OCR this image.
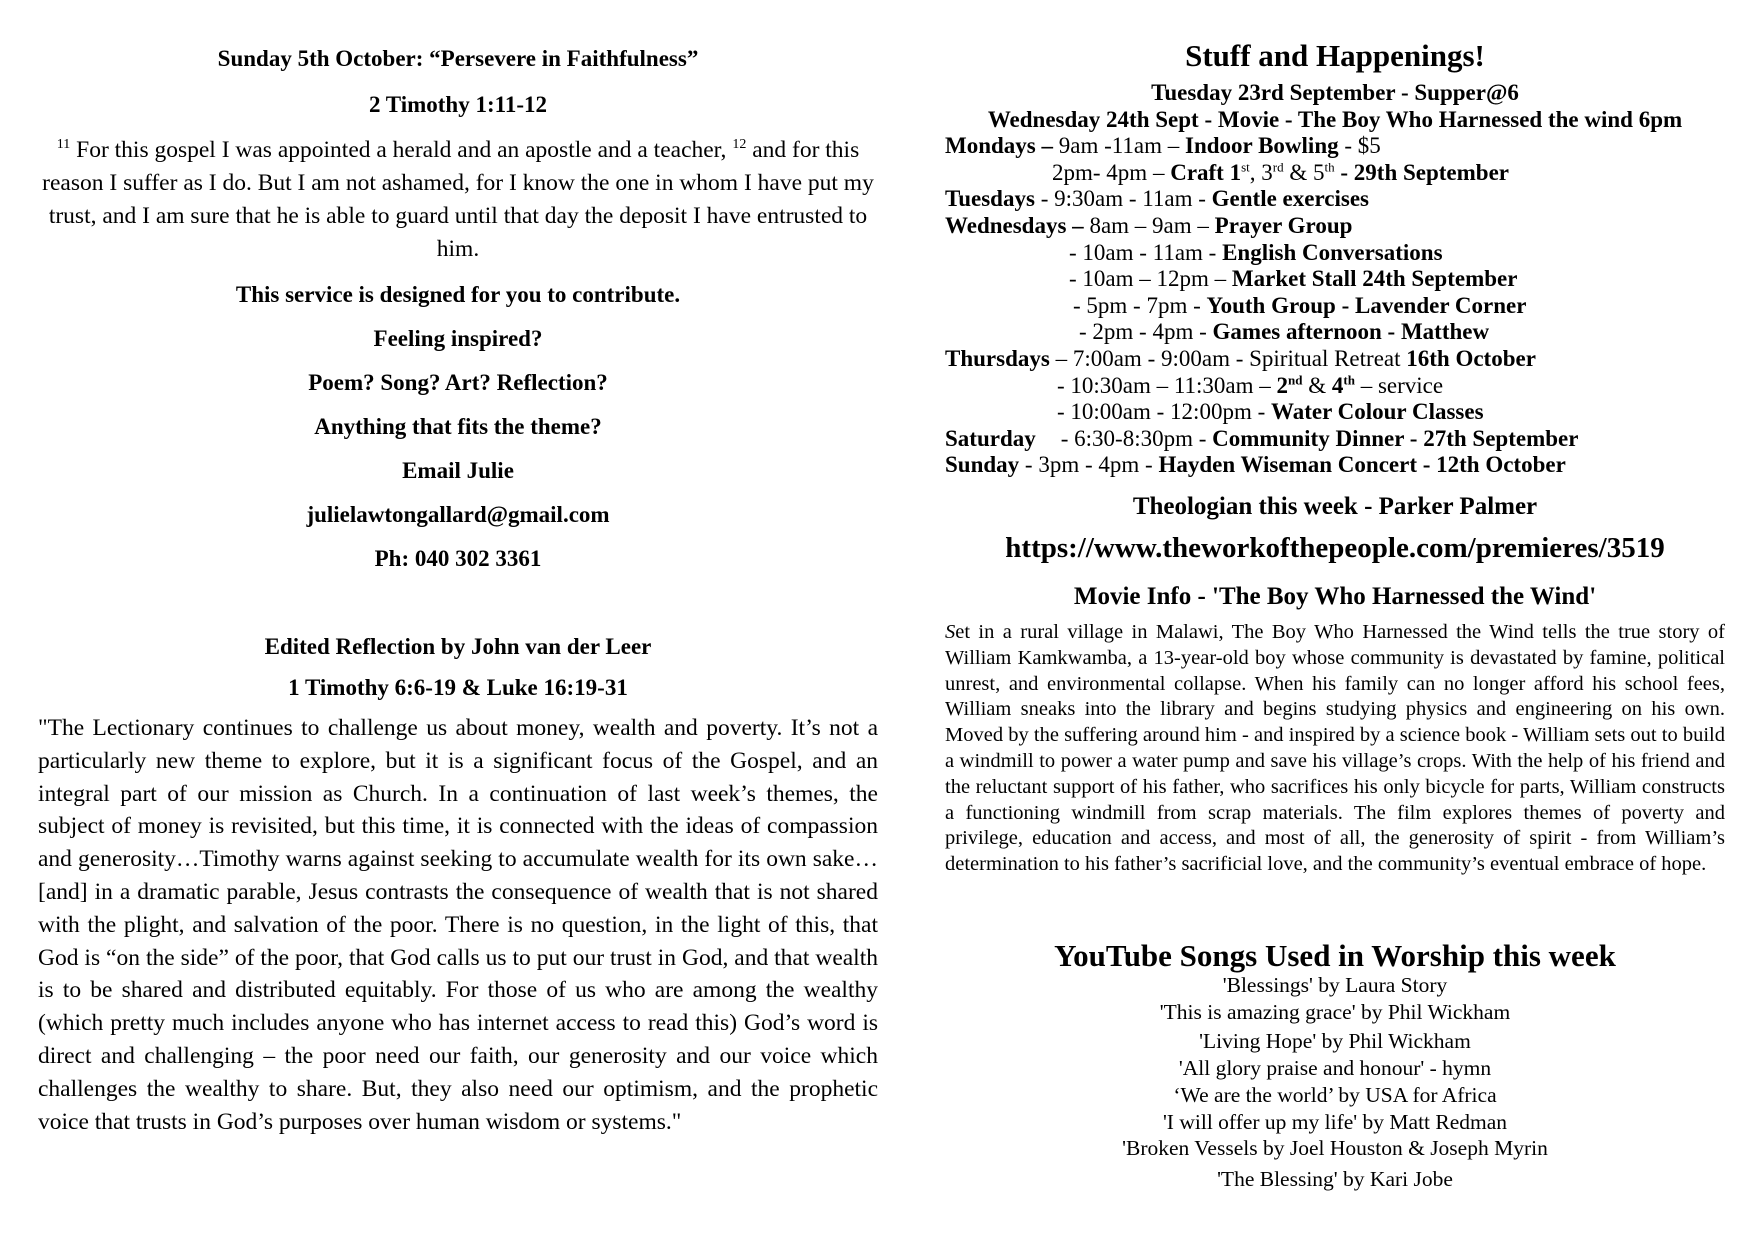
Sunday 5th October: “Persevere in Faithfulness”
2 Timothy 1:11-12
$^{11}$ For this gospel I was appointed a herald and an apostle and a teacher, $^{12}$ and for this reason I suffer as I do. But I am not ashamed, for I know the one in whom I have put my trust, and I am sure that he is able to guard until that day the deposit I have entrusted to him.
This service is designed for you to contribute.
Feeling inspired?
Poem? Song? Art? Reflection?
Anything that fits the theme?
Email Julie
julielawtongallard@gmail.com
Ph: 040 302 3361
Edited Reflection by John van der Leer
1 Timothy 6:6-19 & Luke 16:19-31
"The Lectionary continues to challenge us about money, wealth and poverty. It’s not a particularly new theme to explore, but it is a significant focus of the Gospel, and an integral part of our mission as Church. In a continuation of last week’s themes, the subject of money is revisited, but this time, it is connected with the ideas of compassion and generosity…Timothy warns against seeking to accumulate wealth for its own sake…[and] in a dramatic parable, Jesus contrasts the consequence of wealth that is not shared with the plight, and salvation of the poor. There is no question, in the light of this, that God is “on the side” of the poor, that God calls us to put our trust in God, and that wealth is to be shared and distributed equitably. For those of us who are among the wealthy (which pretty much includes anyone who has internet access to read this) God’s word is direct and challenging – the poor need our faith, our generosity and our voice which challenges the wealthy to share. But, they also need our optimism, and the prophetic voice that trusts in God’s purposes over human wisdom or systems."
Stuff and Happenings!
Tuesday 23rd September - Supper@6
Wednesday 24th Sept - Movie - The Boy Who Harnessed the wind 6pm
Mondays – 9am -11am – Indoor Bowling - $5
2pm- 4pm – Craft 1st, 3rd & 5th - 29th September
Tuesdays - 9:30am - 11am - Gentle exercises
Wednesdays – 8am – 9am – Prayer Group
- 10am - 11am - English Conversations
- 10am – 12pm – Market Stall 24th September
- 5pm - 7pm - Youth Group - Lavender Corner
- 2pm - 4pm - Games afternoon - Matthew
Thursdays – 7:00am - 9:00am - Spiritual Retreat 16th October
- 10:30am – 11:30am – 2nd & 4th – service
- 10:00am - 12:00pm - Water Colour Classes
Saturday - 6:30-8:30pm - Community Dinner - 27th September
Sunday - 3pm - 4pm - Hayden Wiseman Concert - 12th October
Theologian this week - Parker Palmer
https://www.theworkofthepeople.com/premieres/3519
Movie Info - 'The Boy Who Harnessed the Wind'
Set in a rural village in Malawi, The Boy Who Harnessed the Wind tells the true story of William Kamkwamba, a 13-year-old boy whose community is devastated by famine, political unrest, and environmental collapse. When his family can no longer afford his school fees, William sneaks into the library and begins studying physics and engineering on his own. Moved by the suffering around him - and inspired by a science book - William sets out to build a windmill to power a water pump and save his village’s crops. With the help of his friend and the reluctant support of his father, who sacrifices his only bicycle for parts, William constructs a functioning windmill from scrap materials. The film explores themes of poverty and privilege, education and access, and most of all, the generosity of spirit - from William’s determination to his father’s sacrificial love, and the community’s eventual embrace of hope.
YouTube Songs Used in Worship this week
'Blessings' by Laura Story
'This is amazing grace' by Phil Wickham
'Living Hope' by Phil Wickham
'All glory praise and honour' - hymn
‘We are the world’ by USA for Africa
'I will offer up my life' by Matt Redman
'Broken Vessels by Joel Houston & Joseph Myrin
'The Blessing' by Kari Jobe
